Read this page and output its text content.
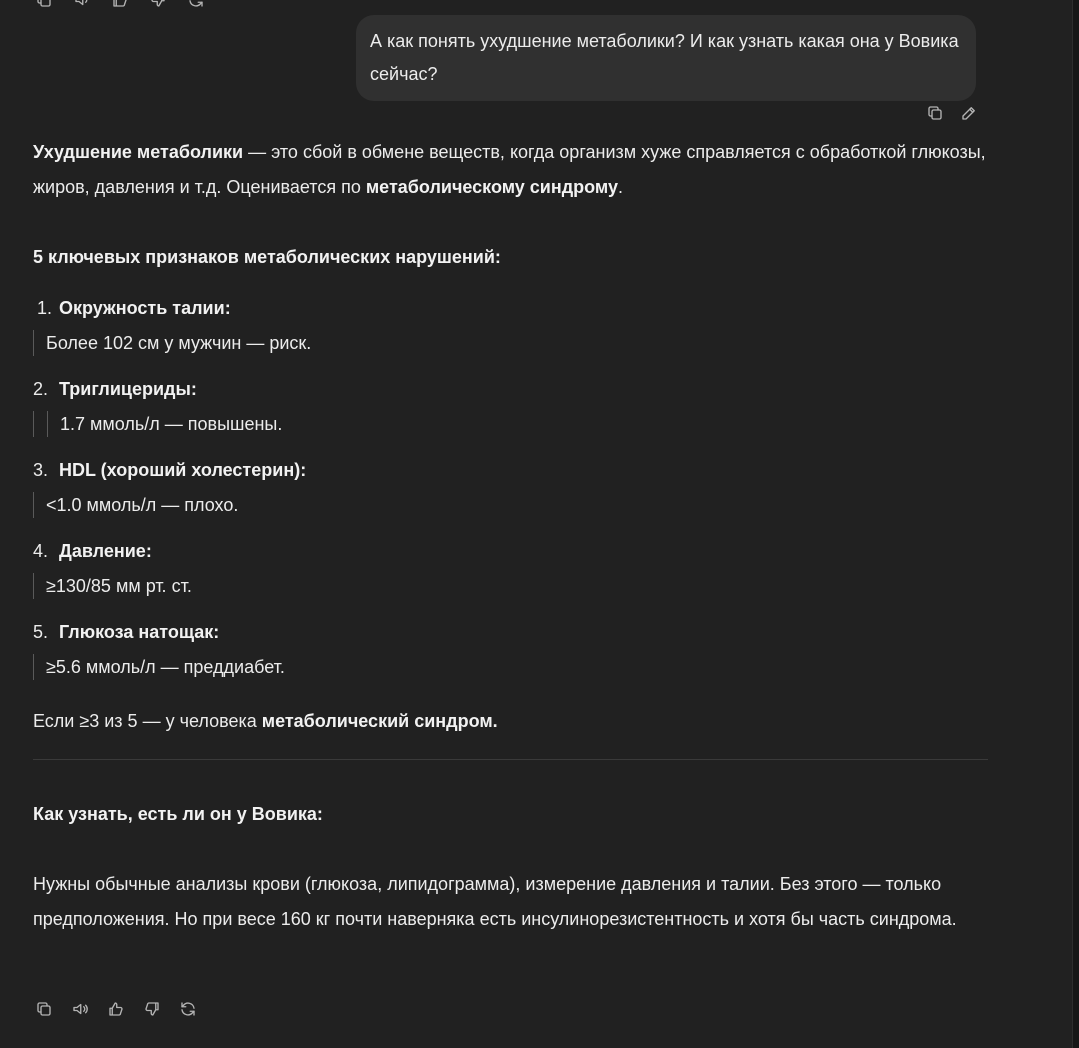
А как понять ухудшение метаболики? И как узнать какая она у Вовика сейчас?

Ухудшение метаболики — это сбой в обмене веществ, когда организм хуже справляется с обработкой глюкозы, жиров, давления и т.д. Оценивается по метаболическому синдрому.

5 ключевых признаков метаболических нарушений:

1. Окружность талии:
Более 102 см у мужчин — риск.
2. Триглицериды:
1.7 ммоль/л — повышены.
3. HDL (хороший холестерин):
<1.0 ммоль/л — плохо.
4. Давление:
≥130/85 мм рт. ст.
5. Глюкоза натощак:
≥5.6 ммоль/л — преддиабет.

Если ≥3 из 5 — у человека метаболический синдром.

Как узнать, есть ли он у Вовика:

Нужны обычные анализы крови (глюкоза, липидограмма), измерение давления и талии. Без этого — только предположения. Но при весе 160 кг почти наверняка есть инсулинорезистентность и хотя бы часть синдрома.
